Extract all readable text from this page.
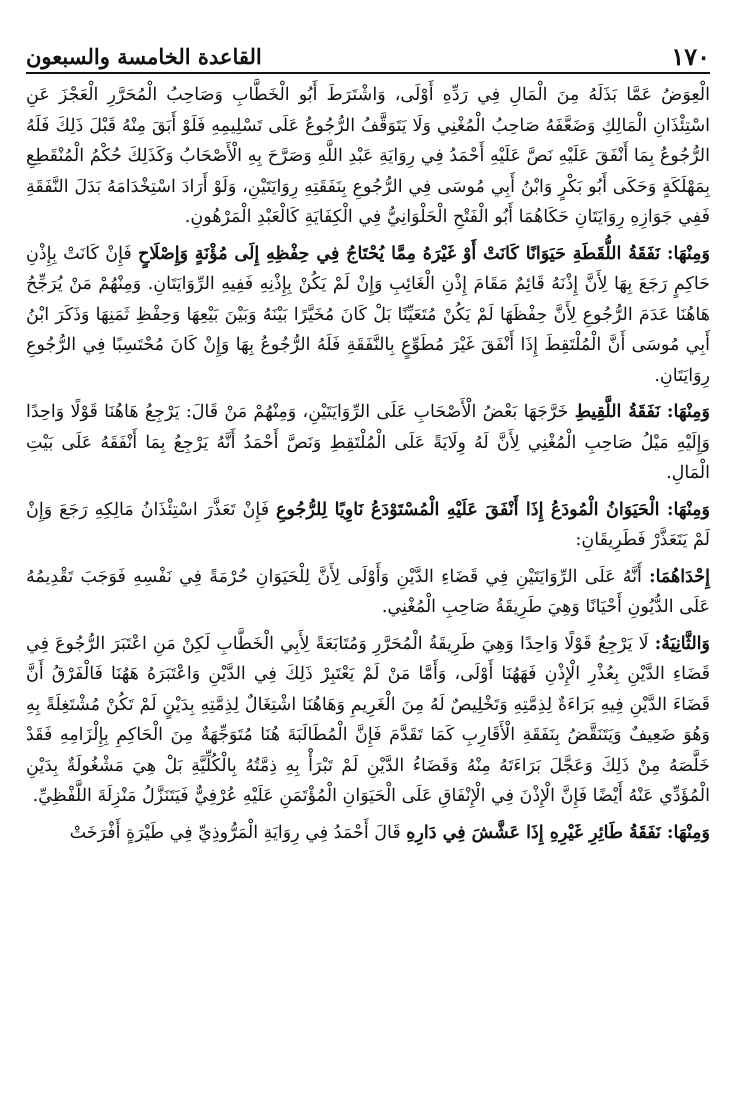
١٧٠
القاعدة الخامسة والسبعون

الْعِوَضُ عَمَّا بَذَلَهُ مِنَ الْمَالِ فِي رَدِّهِ أَوْلَى، وَاشْتَرَطَ أَبُو الْخَطَّابِ وَصَاحِبُ الْمُحَرَّرِ الْعَجْزَ عَنِ اسْتِئْذَانِ الْمَالِكِ وَضَعَّفَهُ صَاحِبُ الْمُغْنِي وَلَا يَتَوَقَّفُ الرُّجُوعُ عَلَى تَسْلِيمِهِ فَلَوْ أَبَقَ مِنْهُ قَبْلَ ذَلِكَ فَلَهُ الرُّجُوعُ بِمَا أَنْفَقَ عَلَيْهِ نَصَّ عَلَيْهِ أَحْمَدُ فِي رِوَايَةِ عَبْدِ اللَّهِ وَصَرَّحَ بِهِ الْأَصْحَابُ وَكَذَلِكَ حُكْمُ الْمُنْقَطِعِ بِمَهْلَكَةٍ وَحَكَى أَبُو بَكْرٍ وَابْنُ أَبِي مُوسَى فِي الرُّجُوعِ بِنَفَقَتِهِ رِوَايَتَيْنِ، وَلَوْ أَرَادَ اسْتِخْدَامَهُ بَدَلَ النَّفَقَةِ فَفِي جَوَازِهِ رِوَايَتَانِ حَكَاهُمَا أَبُو الْفَتْحِ الْحَلْوَانِيُّ فِي الْكِفَايَةِ كَالْعَبْدِ الْمَرْهُونِ.

وَمِنْهَا: نَفَقَةُ اللُّقَطَةِ حَيَوَانًا كَانَتْ أَوْ غَيْرَهُ مِمَّا يُحْتَاجُ فِي حِفْظِهِ إِلَى مُؤْنَةٍ وَإِصْلَاحٍ فَإِنْ كَانَتْ بِإِذْنِ حَاكِمٍ رَجَعَ بِهَا لِأَنَّ إِذْنَهُ قَائِمٌ مَقَامَ إِذْنِ الْغَائِبِ وَإِنْ لَمْ يَكُنْ بِإِذْنِهِ فَفِيهِ الرِّوَايَتَانِ. وَمِنْهُمْ مَنْ يُرَجِّحُ هَاهُنَا عَدَمَ الرُّجُوعِ لِأَنَّ حِفْظَهَا لَمْ يَكُنْ مُتَعَيِّنًا بَلْ كَانَ مُخَيَّرًا بَيْنَهُ وَبَيْنَ بَيْعِهَا وَحِفْظِ ثَمَنِهَا وَذَكَرَ ابْنُ أَبِي مُوسَى أَنَّ الْمُلْتَقِطَ إِذَا أَنْفَقَ غَيْرَ مُطَوِّعٍ بِالنَّفَقَةِ فَلَهُ الرُّجُوعُ بِهَا وَإِنْ كَانَ مُحْتَسِبًا فِي الرُّجُوعِ رِوَايَتَانِ.

وَمِنْهَا: نَفَقَةُ اللَّقِيطِ خَرَّجَهَا بَعْضُ الْأَصْحَابِ عَلَى الرِّوَايَتَيْنِ، وَمِنْهُمْ مَنْ قَالَ: يَرْجِعُ هَاهُنَا قَوْلًا وَاحِدًا وَإِلَيْهِ مَيْلُ صَاحِبِ الْمُغْنِي لِأَنَّ لَهُ وِلَايَةً عَلَى الْمُلْتَقِطِ وَنَصَّ أَحْمَدُ أَنَّهُ يَرْجِعُ بِمَا أَنْفَقَهُ عَلَى بَيْتِ الْمَالِ.

وَمِنْهَا: الْحَيَوَانُ الْمُودَعُ إِذَا أَنْفَقَ عَلَيْهِ الْمُسْتَوْدَعُ نَاوِيًا لِلرُّجُوعِ فَإِنْ تَعَذَّرَ اسْتِئْذَانُ مَالِكِهِ رَجَعَ وَإِنْ لَمْ يَتَعَذَّرْ فَطَرِيقَانِ:

إِحْدَاهُمَا: أَنَّهُ عَلَى الرِّوَايَتَيْنِ فِي قَضَاءِ الدَّيْنِ وَأَوْلَى لِأَنَّ لِلْحَيَوَانِ حُرْمَةً فِي نَفْسِهِ فَوَجَبَ تَقْدِيمُهُ عَلَى الدُّيُونِ أَحْيَانًا وَهِيَ طَرِيقَةُ صَاحِبِ الْمُغْنِي.

وَالثَّانِيَةُ: لَا يَرْجِعُ قَوْلًا وَاحِدًا وَهِيَ طَرِيقَةُ الْمُحَرَّرِ وَمُتَابَعَةً لِأَبِي الْخَطَّابِ لَكِنْ مَنِ اعْتَبَرَ الرُّجُوعَ فِي قَضَاءِ الدَّيْنِ بِعُذْرِ الْإِذْنِ فَهَهُنَا أَوْلَى، وَأَمَّا مَنْ لَمْ يَعْتَبِرْ ذَلِكَ فِي الدَّيْنِ وَاعْتَبَرَهُ هَهُنَا فَالْفَرْقُ أَنَّ قَضَاءَ الدَّيْنِ فِيهِ بَرَاءَةٌ لِذِمَّتِهِ وَتَخْلِيصٌ لَهُ مِنَ الْغَرِيمِ وَهَاهُنَا اشْتِغَالٌ لِذِمَّتِهِ بِدَيْنٍ لَمْ تَكُنْ مُشْتَغِلَةً بِهِ وَهُوَ ضَعِيفٌ وَيَتَنَقَّضُ بِنَفَقَةِ الْأَقَارِبِ كَمَا تَقَدَّمَ فَإِنَّ الْمُطَالَبَةَ هُنَا مُتَوَجِّهَةٌ مِنَ الْحَاكِمِ بِإِلْزَامِهِ فَقَدْ خَلَّصَهُ مِنْ ذَلِكَ وَعَجَّلَ بَرَاءَتَهُ مِنْهُ وَقَضَاءُ الدَّيْنِ لَمْ تَبْرَأْ بِهِ ذِمَّتُهُ بِالْكُلِّيَّةِ بَلْ هِيَ مَشْغُولَةٌ بِدَيْنِ الْمُؤَدِّي عَنْهُ أَيْضًا فَإِنَّ الْإِذْنَ فِي الْإِنْفَاقِ عَلَى الْحَيَوَانِ الْمُؤْتَمَنِ عَلَيْهِ عُرْفِيٌّ فَيَتَنَزَّلُ مَنْزِلَةَ اللَّفْظِيِّ.

وَمِنْهَا: نَفَقَةُ طَائِرِ غَيْرِهِ إِذَا عَشَّشَ فِي دَارِهِ قَالَ أَحْمَدُ فِي رِوَايَةِ الْمَرُّوذِيِّ فِي طَيْرَةٍ أَفْرَخَتْ
